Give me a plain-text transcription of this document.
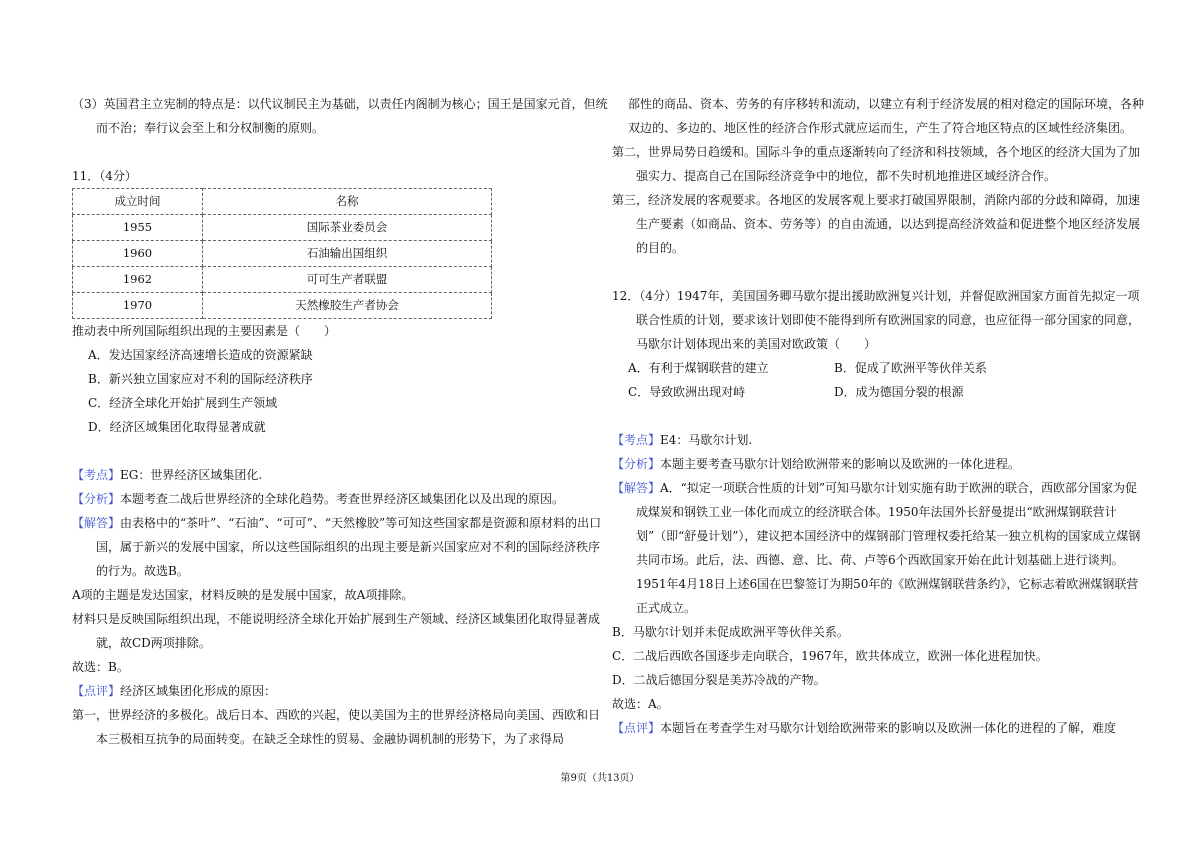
（3）英国君主立宪制的特点是：以代议制民主为基础，以责任内阁制为核心；国王是国家元首，但统而不治；奉行议会至上和分权制衡的原则。

11．（4分）

成立时间	名称
1955	国际茶业委员会
1960	石油输出国组织
1962	可可生产者联盟
1970	天然橡胶生产者协会

推动表中所列国际组织出现的主要因素是（　　）

A．发达国家经济高速增长造成的资源紧缺

B．新兴独立国家应对不利的国际经济秩序

C．经济全球化开始扩展到生产领域

D．经济区域集团化取得显著成就

【考点】EG：世界经济区域集团化.

【分析】本题考查二战后世界经济的全球化趋势。考查世界经济区域集团化以及出现的原因。

【解答】由表格中的“茶叶”、“石油”、“可可”、“天然橡胶”等可知这些国家都是资源和原材料的出口国，属于新兴的发展中国家，所以这些国际组织的出现主要是新兴国家应对不利的国际经济秩序的行为。故选B。

A项的主题是发达国家，材料反映的是发展中国家，故A项排除。

材料只是反映国际组织出现，不能说明经济全球化开始扩展到生产领域、经济区域集团化取得显著成就，故CD两项排除。

故选：B。

【点评】经济区域集团化形成的原因：

第一，世界经济的多极化。战后日本、西欧的兴起，使以美国为主的世界经济格局向美国、西欧和日本三极相互抗争的局面转变。在缺乏全球性的贸易、金融协调机制的形势下，为了求得局

部性的商品、资本、劳务的有序移转和流动，以建立有利于经济发展的相对稳定的国际环境，各种双边的、多边的、地区性的经济合作形式就应运而生，产生了符合地区特点的区域性经济集团。

第二，世界局势日趋缓和。国际斗争的重点逐渐转向了经济和科技领域，各个地区的经济大国为了加强实力、提高自己在国际经济竞争中的地位，都不失时机地推进区域经济合作。

第三，经济发展的客观要求。各地区的发展客观上要求打破国界限制，消除内部的分歧和障碍，加速生产要素（如商品、资本、劳务等）的自由流通，以达到提高经济效益和促进整个地区经济发展的目的。

12．（4分）1947年，美国国务卿马歇尔提出援助欧洲复兴计划，并督促欧洲国家方面首先拟定一项联合性质的计划，要求该计划即使不能得到所有欧洲国家的同意，也应征得一部分国家的同意，马歇尔计划体现出来的美国对欧政策（　　）

A．有利于煤钢联营的建立	B．促成了欧洲平等伙伴关系

C．导致欧洲出现对峙	D．成为德国分裂的根源

【考点】E4：马歇尔计划.

【分析】本题主要考查马歇尔计划给欧洲带来的影响以及欧洲的一体化进程。

【解答】A．“拟定一项联合性质的计划”可知马歇尔计划实施有助于欧洲的联合，西欧部分国家为促成煤炭和钢铁工业一体化而成立的经济联合体。1950年法国外长舒曼提出“欧洲煤钢联营计划”（即“舒曼计划”），建议把本国经济中的煤钢部门管理权委托给某一独立机构的国家成立煤钢共同市场。此后，法、西德、意、比、荷、卢等6个西欧国家开始在此计划基础上进行谈判。1951年4月18日上述6国在巴黎签订为期50年的《欧洲煤钢联营条约》，它标志着欧洲煤钢联营正式成立。

B．马歇尔计划并未促成欧洲平等伙伴关系。

C．二战后西欧各国逐步走向联合，1967年，欧共体成立，欧洲一体化进程加快。

D．二战后德国分裂是美苏冷战的产物。

故选：A。

【点评】本题旨在考查学生对马歇尔计划给欧洲带来的影响以及欧洲一体化的进程的了解，难度

第9页（共13页）
